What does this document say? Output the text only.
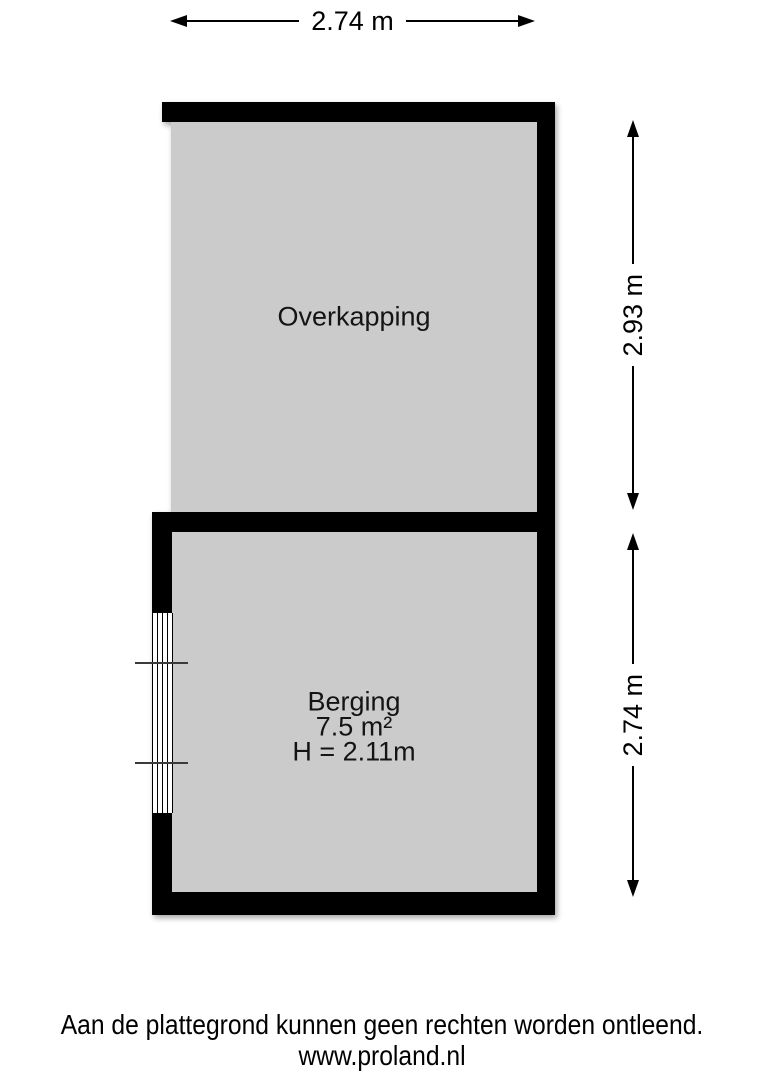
2.74 m
Overkapping
Berging
7.5 m²
H = 2.11m
2.93 m
2.74 m
Aan de plattegrond kunnen geen rechten worden ontleend.
www.proland.nl
